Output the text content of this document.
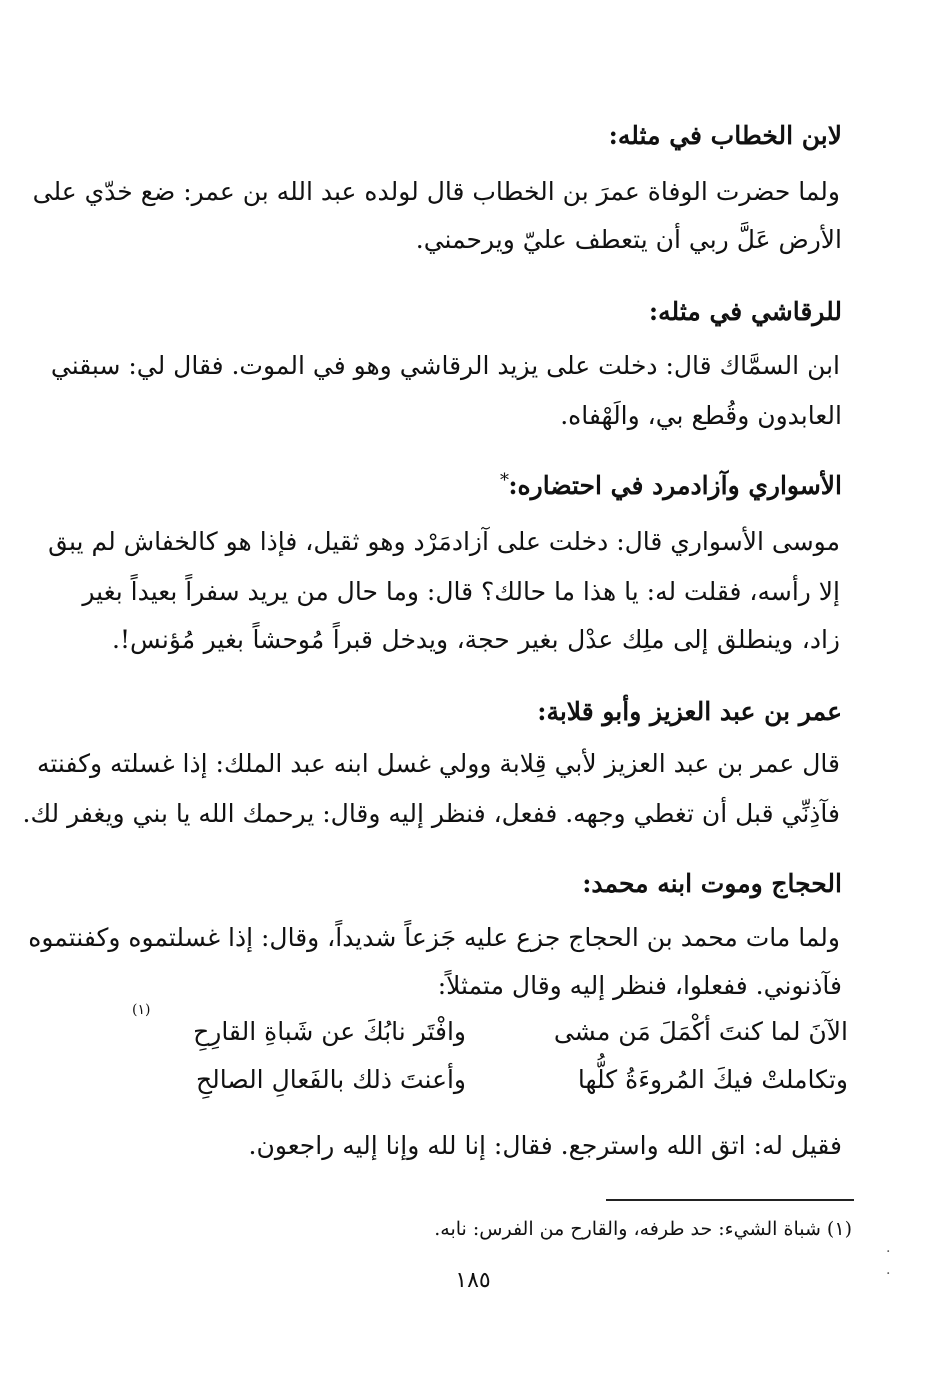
لابن الخطاب في مثله:
ولما حضرت الوفاة عمرَ بن الخطاب قال لولده عبد الله بن عمر: ضع خدّي على
الأرض عَلَّ ربي أن يتعطف عليّ ويرحمني.
للرقاشي في مثله:
ابن السمَّاك قال: دخلت على يزيد الرقاشي وهو في الموت. فقال لي: سبقني
العابدون وقُطع بي، والَهْفاه.
الأسواري وآزادمرد في احتضاره:
*
موسى الأسواري قال: دخلت على آزادمَرْد وهو ثقيل، فإذا هو كالخفاش لم يبق
إلا رأسه، فقلت له: يا هذا ما حالك؟ قال: وما حال من يريد سفراً بعيداً بغير
زاد، وينطلق إلى ملِك عدْل بغير حجة، ويدخل قبراً مُوحشاً بغير مُؤنس!.
عمر بن عبد العزيز وأبو قلابة:
قال عمر بن عبد العزيز لأبي قِلابة وولي غسل ابنه عبد الملك: إذا غسلته وكفنته
فآذِنِّي قبل أن تغطي وجهه. ففعل، فنظر إليه وقال: يرحمك الله يا بني ويغفر لك.
الحجاج وموت ابنه محمد:
ولما مات محمد بن الحجاج جزع عليه جَزعاً شديداً، وقال: إذا غسلتموه وكفنتموه
فآذنوني. ففعلوا، فنظر إليه وقال متمثلاً:
الآنَ لما كنتَ أكْمَلَ مَن مشى
وافْتَر نابُكَ عن شَباةِ القارِحِ
(١)
وتكاملتْ فيكَ المُروءَةُ كلُّها
وأعنتَ ذلك بالفَعالِ الصالحِ
فقيل له: اتق الله واسترجع. فقال: إنا لله وإنا إليه راجعون.
(١) شباة الشيء: حد طرفه، والقارح من الفرس: نابه.
١٨٥
.
.
